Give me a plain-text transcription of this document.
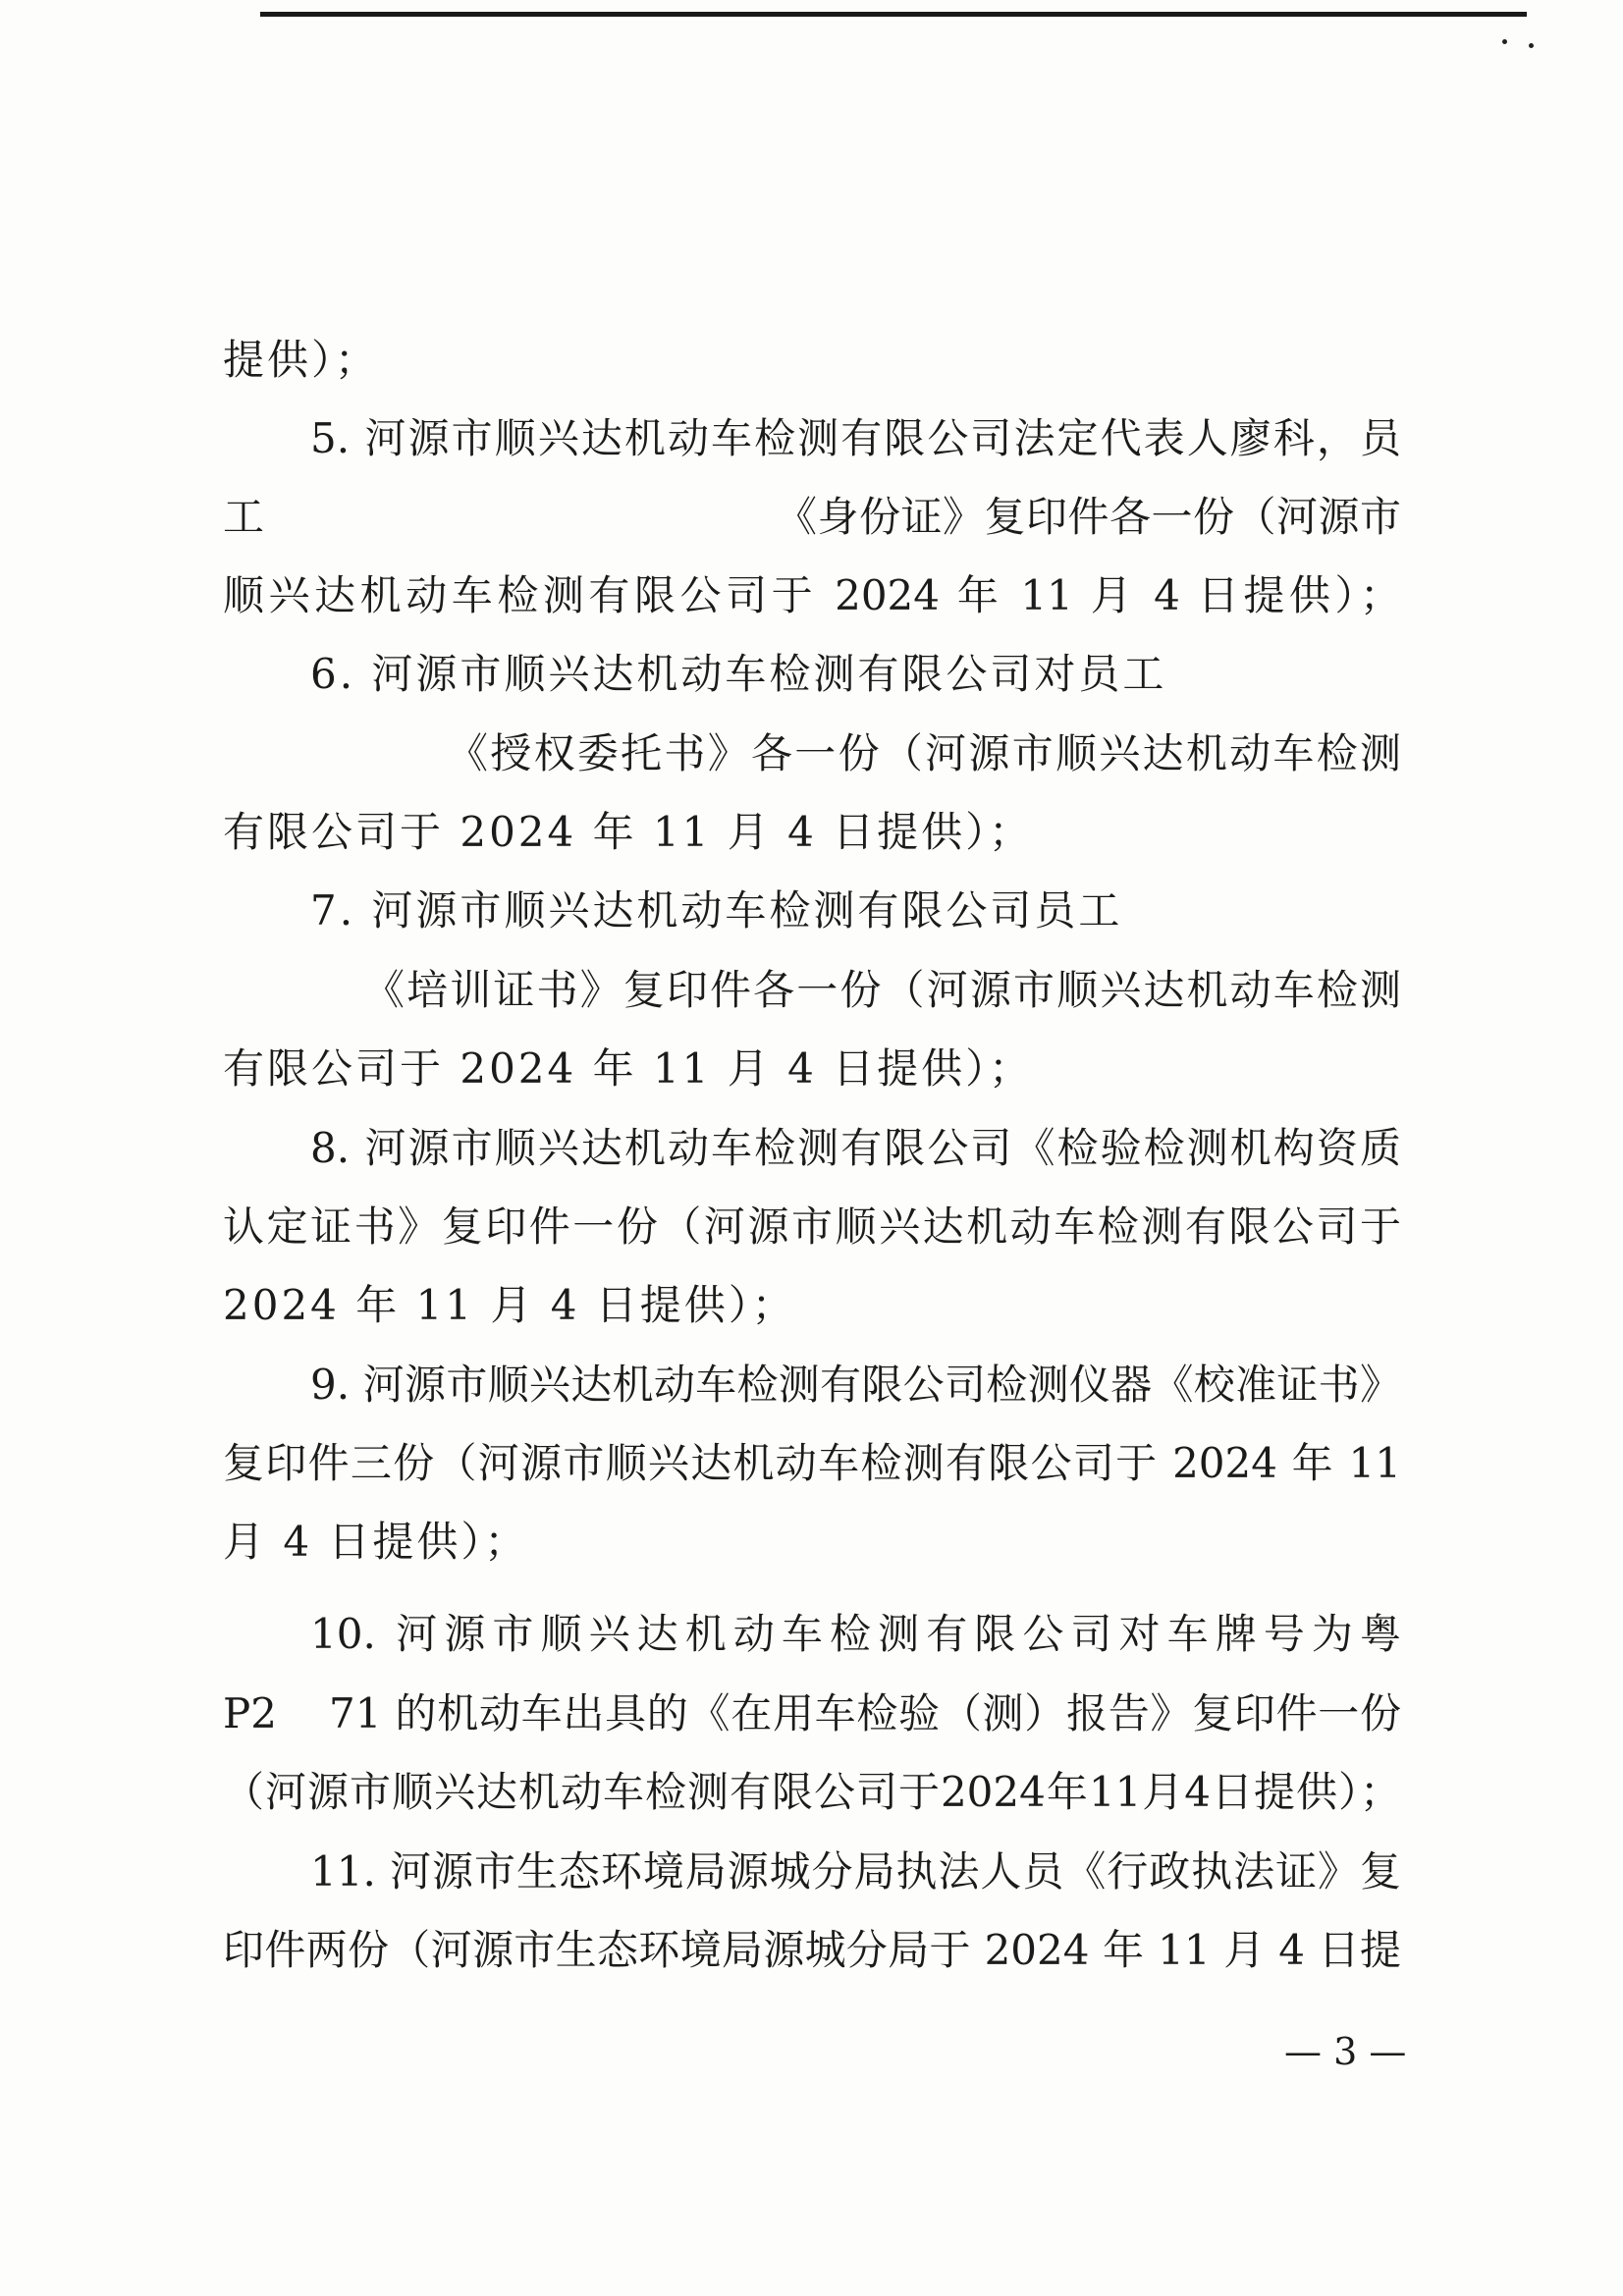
提供）；

5. 河源市顺兴达机动车检测有限公司法定代表人廖科，员

工	《身份证》复印件各一份（河源市

顺兴达机动车检测有限公司于 2024 年 11 月 4 日提供）；

6. 河源市顺兴达机动车检测有限公司对员工

《授权委托书》各一份（河源市顺兴达机动车检测

有限公司于 2024 年 11 月 4 日提供）；

7. 河源市顺兴达机动车检测有限公司员工

《培训证书》复印件各一份（河源市顺兴达机动车检测

有限公司于 2024 年 11 月 4 日提供）；

8. 河源市顺兴达机动车检测有限公司《检验检测机构资质

认定证书》复印件一份（河源市顺兴达机动车检测有限公司于

2024 年 11 月 4 日提供）；

9. 河源市顺兴达机动车检测有限公司检测仪器《校准证书》

复印件三份（河源市顺兴达机动车检测有限公司于 2024 年 11

月 4 日提供）；

10. 河源市顺兴达机动车检测有限公司对车牌号为粤

P2 71 的机动车出具的《在用车检验（测）报告》复印件一份

（河源市顺兴达机动车检测有限公司于2024年11月4日提供）；

11. 河源市生态环境局源城分局执法人员《行政执法证》复

印件两份（河源市生态环境局源城分局于 2024 年 11 月 4 日提

— 3 —
